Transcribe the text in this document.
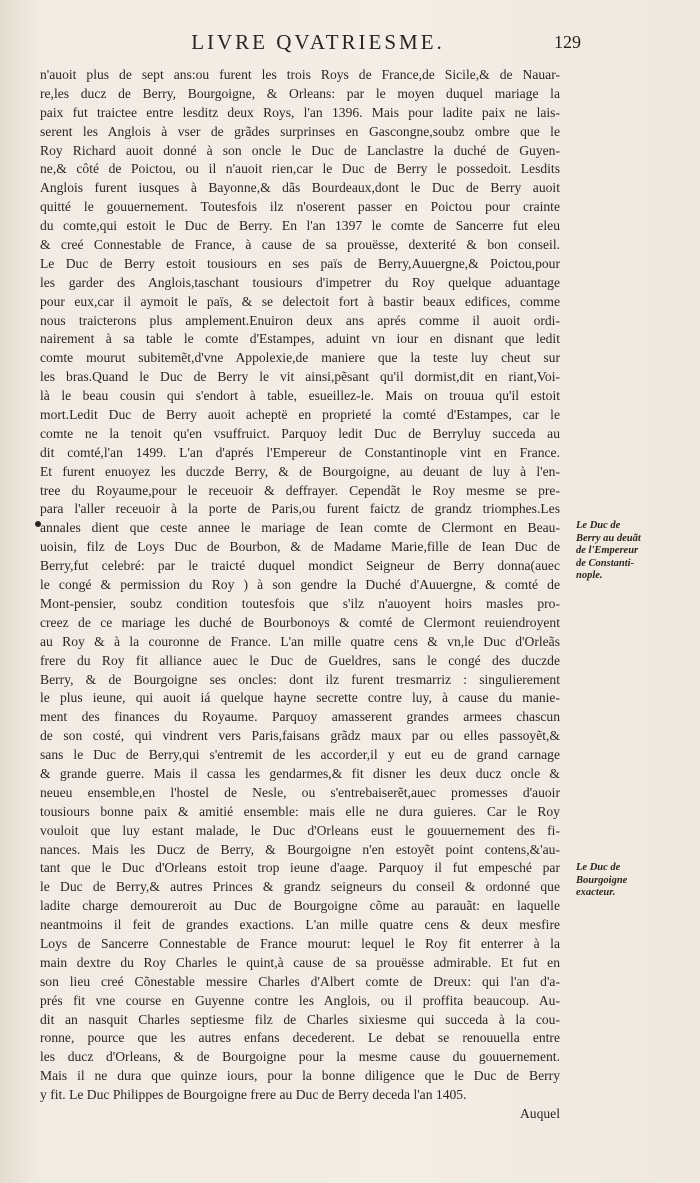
LIVRE QVATRIESME.	129
n'auoit plus de sept ans:ou furent les trois Roys de France,de Sicile,& de Nauar-
re,les ducz de Berry, Bourgoigne, & Orleans: par le moyen duquel mariage la
paix fut traictee entre lesditz deux Roys, l'an 1396. Mais pour ladite paix ne lais-
serent les Anglois à vser de grãdes surprinses en Gascongne,soubz ombre que le
Roy Richard auoit donné à son oncle le Duc de Lanclastre la duché de Guyen-
ne,& côté de Poictou, ou il n'auoit rien,car le Duc de Berry le possedoit. Lesdits
Anglois furent iusques à Bayonne,& dãs Bourdeaux,dont le Duc de Berry auoit
quitté le gouuernement. Toutesfois ilz n'oserent passer en Poictou pour crainte
du comte,qui estoit le Duc de Berry. En l'an 1397 le comte de Sancerre fut eleu
& creé Connestable de France, à cause de sa prouësse, dexterité & bon conseil.
Le Duc de Berry estoit tousiours en ses païs de Berry,Auuergne,& Poictou,pour
les garder des Anglois,taschant tousiours d'impetrer du Roy quelque aduantage
pour eux,car il aymoit le païs, & se delectoit fort à bastir beaux edifices, comme
nous traicterons plus amplement.Enuiron deux ans aprés comme il auoit ordi-
nairement à sa table le comte d'Estampes, aduint vn iour en disnant que ledit
comte mourut subitemẽt,d'vne Appolexie,de maniere que la teste luy cheut sur
les bras.Quand le Duc de Berry le vit ainsi,pẽsant qu'il dormist,dit en riant,Voi-
là le beau cousin qui s'endort à table, esueillez-le. Mais on trouua qu'il estoit
mort.Ledit Duc de Berry auoit acheptë en proprieté la comté d'Estampes, car le
comte ne la tenoit qu'en vsuffruict. Parquoy ledit Duc de Berryluy succeda au
dit comté,l'an 1499. L'an d'aprés l'Empereur de Constantinople vint en France.
Et furent enuoyez les duczde Berry, & de Bourgoigne, au deuant de luy à l'en-
tree du Royaume,pour le receuoir & deffrayer. Cependãt le Roy mesme se pre-
para l'aller receuoir à la porte de Paris,ou furent faictz de grandz triomphes.Les
annales dient que ceste annee le mariage de Iean comte de Clermont en Beau-
uoisin, filz de Loys Duc de Bourbon, & de Madame Marie,fille de Iean Duc de
Berry,fut celebré: par le traicté duquel mondict Seigneur de Berry donna(auec
le congé & permission du Roy ) à son gendre la Duché d'Auuergne, & comté de
Mont-pensier, soubz condition toutesfois que s'ilz n'auoyent hoirs masles pro-
creez de ce mariage les duché de Bourbonoys & comté de Clermont reuiendroyent
au Roy & à la couronne de France. L'an mille quatre cens & vn,le Duc d'Orleãs
frere du Roy fit alliance auec le Duc de Gueldres, sans le congé des duczde
Berry, & de Bourgoigne ses oncles: dont ilz furent tresmarriz : singulierement
le plus ieune, qui auoit iá quelque hayne secrette contre luy, à cause du manie-
ment des finances du Royaume. Parquoy amasserent grandes armees chascun
de son costé, qui vindrent vers Paris,faisans grãdz maux par ou elles passoyẽt,&
sans le Duc de Berry,qui s'entremit de les accorder,il y eut eu de grand carnage
& grande guerre. Mais il cassa les gendarmes,& fit disner les deux ducz oncle &
neueu ensemble,en l'hostel de Nesle, ou s'entrebaiserẽt,auec promesses d'auoir
tousiours bonne paix & amitié ensemble: mais elle ne dura guieres. Car le Roy
vouloit que luy estant malade, le Duc d'Orleans eust le gouuernement des fi-
nances. Mais les Ducz de Berry, & Bourgoigne n'en estoyẽt point contens,&'au-
tant que le Duc d'Orleans estoit trop ieune d'aage. Parquoy il fut empesché par
le Duc de Berry,& autres Princes & grandz seigneurs du conseil & ordonné que
ladite charge demoureroit au Duc de Bourgoigne cõme au parauãt: en laquelle
neantmoins il feit de grandes exactions. L'an mille quatre cens & deux mesfire
Loys de Sancerre Connestable de France mourut: lequel le Roy fit enterrer à la
main dextre du Roy Charles le quint,à cause de sa prouësse admirable. Et fut en
son lieu creé Cõnestable messire Charles d'Albert comte de Dreux: qui l'an d'a-
prés fit vne course en Guyenne contre les Anglois, ou il proffita beaucoup. Au-
dit an nasquit Charles septiesme filz de Charles sixiesme qui succeda à la cou-
ronne, pource que les autres enfans decederent. Le debat se renouuella entre
les ducz d'Orleans, & de Bourgoigne pour la mesme cause du gouuernement.
Mais il ne dura que quinze iours, pour la bonne diligence que le Duc de Berry
y fit. Le Duc Philippes de Bourgoigne frere au Duc de Berry deceda l'an 1405.
Auquel
Le Duc de
Berry au deuãt
de l'Empereur
de Constanti-
nople.
Le Duc de
Bourgoigne
exacteur.
